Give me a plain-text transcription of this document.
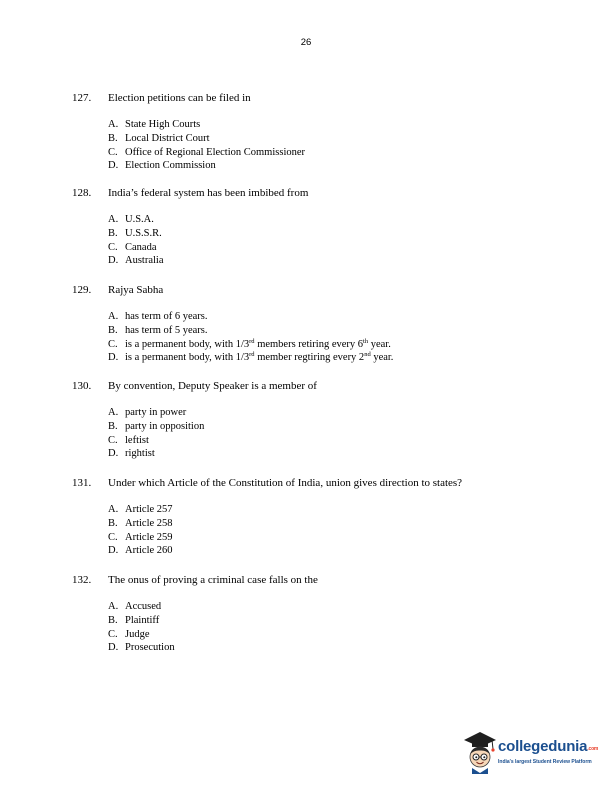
26
127. Election petitions can be filed in
A. State High Courts
B. Local District Court
C. Office of Regional Election Commissioner
D. Election Commission
128. India’s federal system has been imbibed from
A. U.S.A.
B. U.S.S.R.
C. Canada
D. Australia
129. Rajya Sabha
A. has term of 6 years.
B. has term of 5 years.
C. is a permanent body, with 1/3rd members retiring every 6th year.
D. is a permanent body, with 1/3rd member regtiring every 2nd year.
130. By convention, Deputy Speaker is a member of
A. party in power
B. party in opposition
C. leftist
D. rightist
131. Under which Article of the Constitution of India, union gives direction to states?
A. Article 257
B. Article 258
C. Article 259
D. Article 260
132. The onus of proving a criminal case falls on the
A. Accused
B. Plaintiff
C. Judge
D. Prosecution
collegedunia.com
India's largest Student Review Platform
